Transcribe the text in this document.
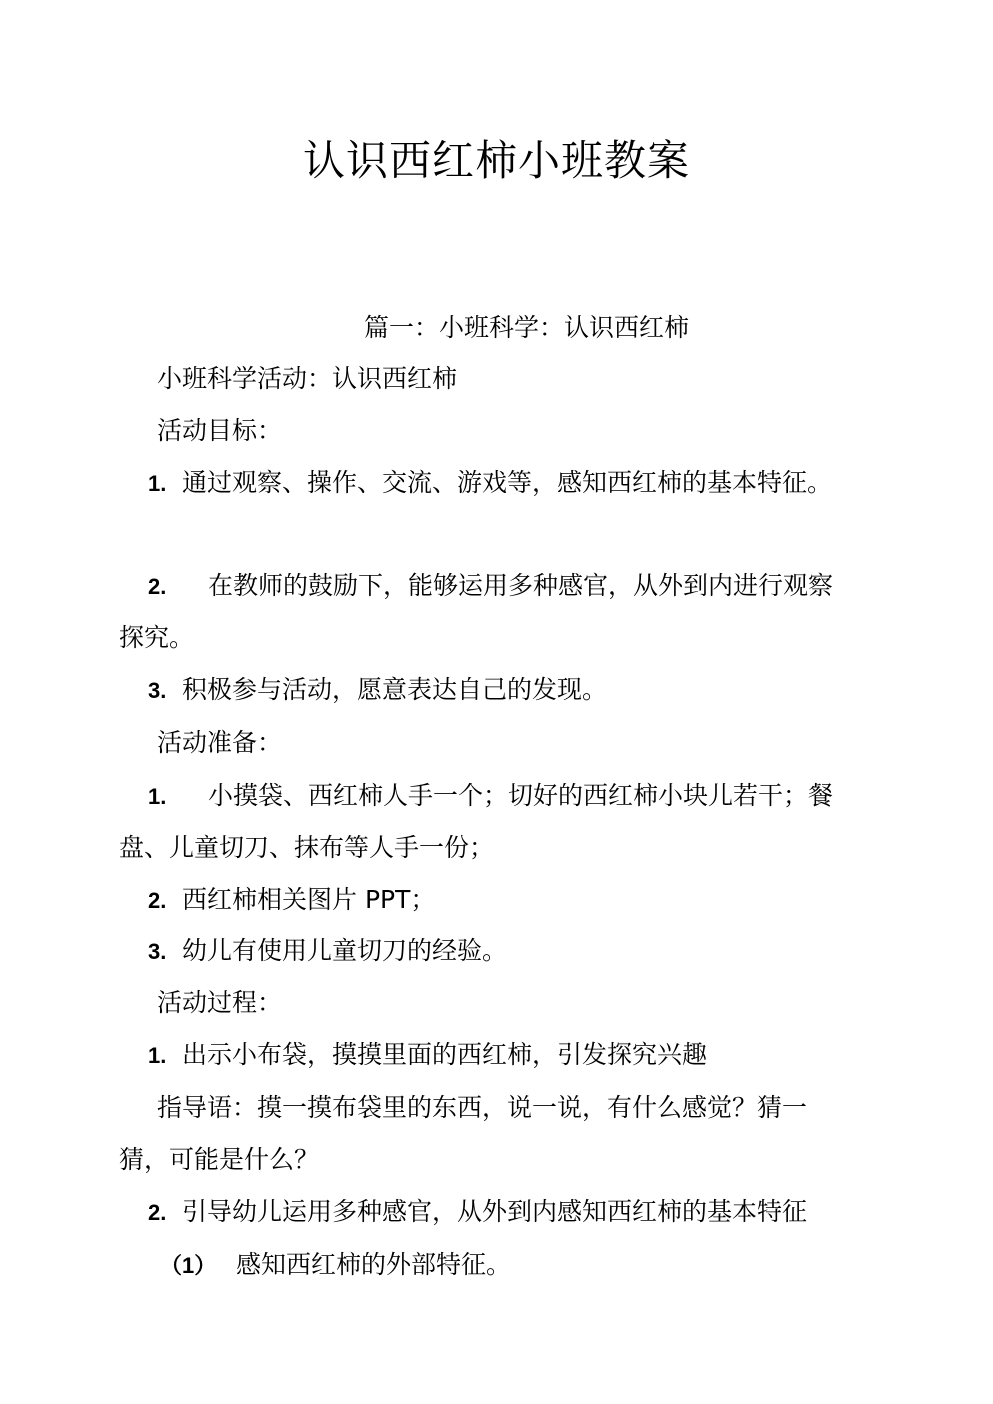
认识西红柿小班教案
篇一：小班科学：认识西红柿
小班科学活动：认识西红柿
活动目标：
1. 通过观察、操作、交流、游戏等，感知西红柿的基本特征。
2. 在教师的鼓励下，能够运用多种感官，从外到内进行观察
探究。
3. 积极参与活动，愿意表达自己的发现。
活动准备：
1. 小摸袋、西红柿人手一个；切好的西红柿小块儿若干；餐
盘、儿童切刀、抹布等人手一份；
2. 西红柿相关图片 PPT；
3. 幼儿有使用儿童切刀的经验。
活动过程：
1. 出示小布袋，摸摸里面的西红柿，引发探究兴趣
指导语：摸一摸布袋里的东西，说一说，有什么感觉？猜一
猜，可能是什么？
2. 引导幼儿运用多种感官，从外到内感知西红柿的基本特征
（1） 感知西红柿的外部特征。
